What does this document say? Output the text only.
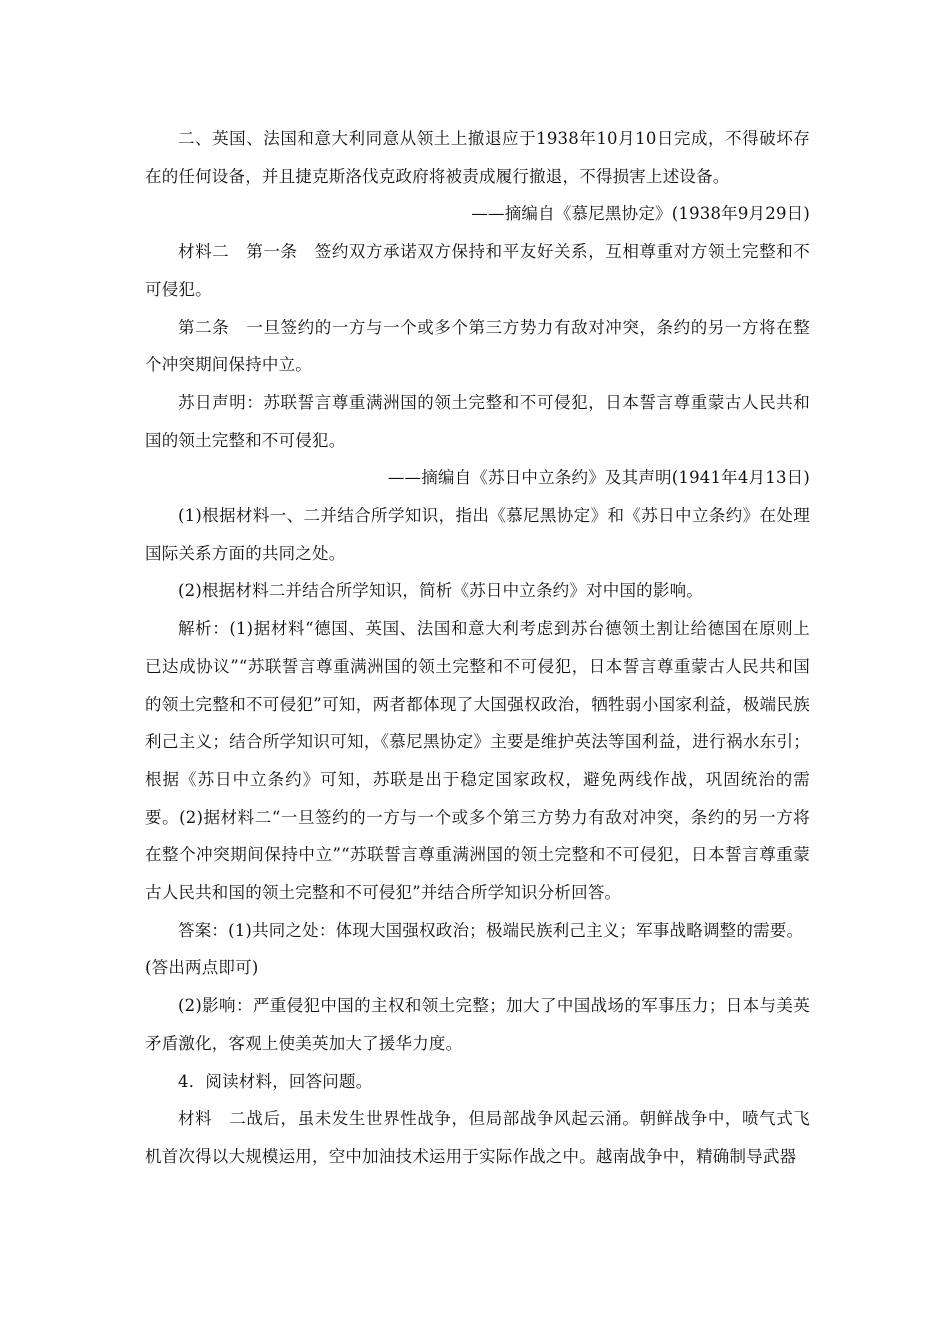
二、英国、法国和意大利同意从领土上撤退应于1938年10月10日完成，不得破坏存在的任何设备，并且捷克斯洛伐克政府将被责成履行撤退，不得损害上述设备。

——摘编自《慕尼黑协定》(1938年9月29日)

材料二　第一条　签约双方承诺双方保持和平友好关系，互相尊重对方领土完整和不可侵犯。

第二条　一旦签约的一方与一个或多个第三方势力有敌对冲突，条约的另一方将在整个冲突期间保持中立。

苏日声明：苏联誓言尊重满洲国的领土完整和不可侵犯，日本誓言尊重蒙古人民共和国的领土完整和不可侵犯。

——摘编自《苏日中立条约》及其声明(1941年4月13日)

(1)根据材料一、二并结合所学知识，指出《慕尼黑协定》和《苏日中立条约》在处理国际关系方面的共同之处。

(2)根据材料二并结合所学知识，简析《苏日中立条约》对中国的影响。

解析：(1)据材料“德国、英国、法国和意大利考虑到苏台德领土割让给德国在原则上已达成协议”“苏联誓言尊重满洲国的领土完整和不可侵犯，日本誓言尊重蒙古人民共和国的领土完整和不可侵犯”可知，两者都体现了大国强权政治，牺牲弱小国家利益，极端民族利己主义；结合所学知识可知，《慕尼黑协定》主要是维护英法等国利益，进行祸水东引；根据《苏日中立条约》可知，苏联是出于稳定国家政权，避免两线作战，巩固统治的需要。(2)据材料二“一旦签约的一方与一个或多个第三方势力有敌对冲突，条约的另一方将在整个冲突期间保持中立”“苏联誓言尊重满洲国的领土完整和不可侵犯，日本誓言尊重蒙古人民共和国的领土完整和不可侵犯”并结合所学知识分析回答。

答案：(1)共同之处：体现大国强权政治；极端民族利己主义；军事战略调整的需要。

(答出两点即可)

(2)影响：严重侵犯中国的主权和领土完整；加大了中国战场的军事压力；日本与美英矛盾激化，客观上使美英加大了援华力度。

4．阅读材料，回答问题。

材料　二战后，虽未发生世界性战争，但局部战争风起云涌。朝鲜战争中，喷气式飞机首次得以大规模运用，空中加油技术运用于实际作战之中。越南战争中，精确制导武器
